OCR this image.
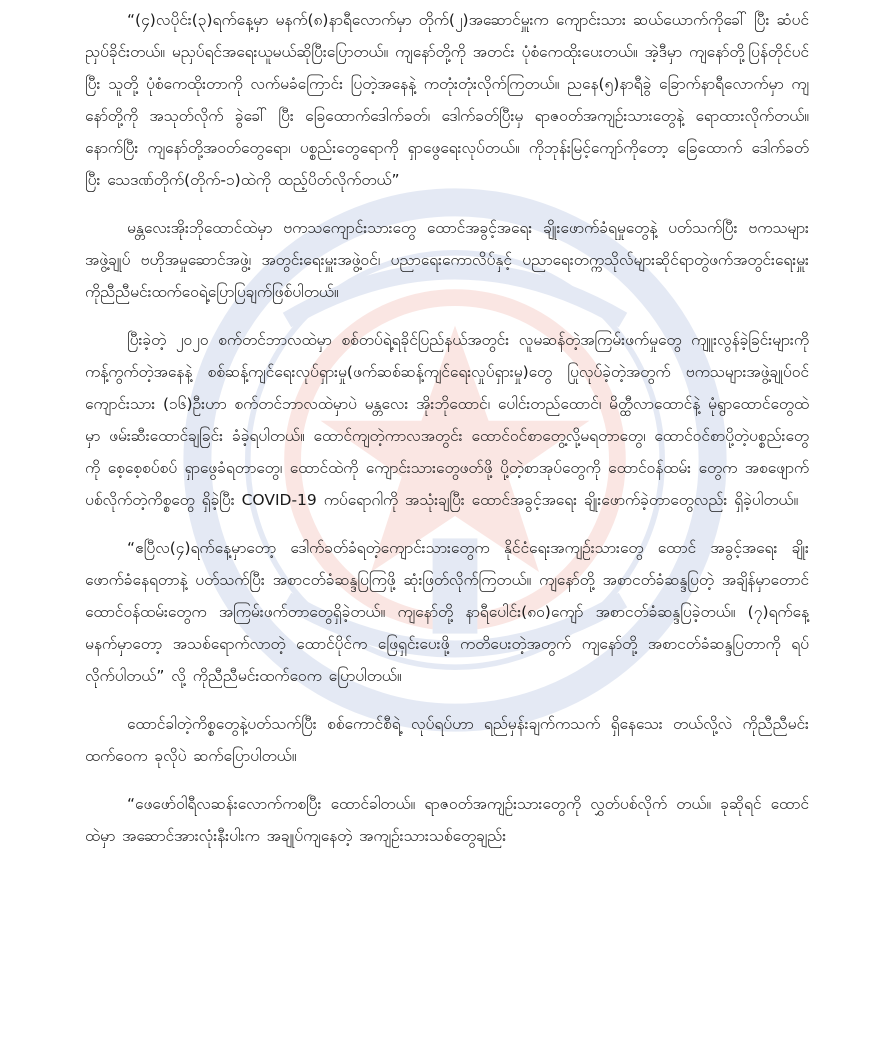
“(၄)လပိုင်း(၃)ရက်နေ့မှာ မနက်(၈)နာရီလောက်မှာ တိုက်(၂)အဆောင်မှူးက ကျောင်းသား ဆယ်ယောက်ကိုခေါ် ပြီး ဆံပင်ညှပ်ခိုင်းတယ်။ မညှပ်ရင်အရေးယူမယ်ဆိုပြီးပြောတယ်။ ကျနော်တို့ကို အတင်း ပုံစံကေထိုးပေးတယ်။ အဲ့ဒီမှာ ကျနော်တို့ပြန်တိုင်ပင်ပြီး သူတို့ ပုံစံကေထိုးတာကို လက်မခံကြောင်း ပြတဲ့အနေနဲ့ ကတုံးတုံးလိုက်ကြတယ်။ ညနေ(၅)နာရီခွဲ ခြောက်နာရီလောက်မှာ ကျနော်တို့ကို အသုတ်လိုက် ခွဲခေါ် ပြီး ခြေထောက်ဒေါက်ခတ်၊ ဒေါက်ခတ်ပြီးမှ ရာဇဝတ်အကျဉ်းသားတွေနဲ့ ရောထားလိုက်တယ်။ နောက်ပြီး ကျနော်တို့အဝတ်တွေရော၊ ပစ္စည်းတွေရောကို ရှာဖွေရေးလုပ်တယ်။ ကိုဘုန်းမြင့်ကျော်ကိုတော့ ခြေထောက် ဒေါက်ခတ်ပြီး သေဒဏ်တိုက်(တိုက်-၁)ထဲကို ထည့်ပိတ်လိုက်တယ်”

မန္တလေးအိုးဘိုထောင်ထဲမှာ ဗကသကျောင်းသားတွေ ထောင်အခွင့်အရေး ချိုးဖောက်ခံရမှုတွေနဲ့ ပတ်သက်ပြီး ဗကသများအဖွဲ့ချုပ် ဗဟိုအမှုဆောင်အဖွဲ့၊ အတွင်းရေးမှူးအဖွဲ့ဝင်၊ ပညာရေးကောလိပ်နှင့် ပညာရေးတက္ကသိုလ်များဆိုင်ရာတွဲဖက်အတွင်းရေးမှူး ကိုညီညီမင်းထက်ဝေရဲ့ပြောပြချက်ဖြစ်ပါတယ်။

ပြီးခဲ့တဲ့ ၂၀၂၀ စက်တင်ဘာလထဲမှာ စစ်တပ်ရဲ့ရခိုင်ပြည်နယ်အတွင်း လူမဆန်တဲ့အကြမ်းဖက်မှုတွေ ကျူးလွန်ခဲ့ခြင်းများကို ကန့်ကွက်တဲ့အနေနဲ့ စစ်ဆန့်ကျင်ရေးလုပ်ရှားမှု(ဖက်ဆစ်ဆန့်ကျင်ရေးလှုပ်ရှားမှု)တွေ ပြုလုပ်ခဲ့တဲ့အတွက် ဗကသများအဖွဲ့ချုပ်ဝင် ကျောင်းသား (၁၆)ဦးဟာ စက်တင်ဘာလထဲမှာပဲ မန္တလေး အိုးဘိုထောင်၊ ပေါင်းတည်ထောင်၊ မိတ္ထီလာထောင်နဲ့ မုံရွာထောင်တွေထဲမှာ ဖမ်းဆီးထောင်ချခြင်း ခံခဲ့ရပါတယ်။ ထောင်ကျတဲ့ကာလအတွင်း ထောင်ဝင်စာတွေ့လို့မရတာတွေ၊ ထောင်ဝင်စာပို့တဲ့ပစ္စည်းတွေကို စေ့စေ့စပ်စပ် ရှာဖွေခံရတာတွေ၊ ထောင်ထဲကို ကျောင်းသားတွေဖတ်ဖို့ ပို့တဲ့စာအုပ်တွေကို ထောင်ဝန်ထမ်း တွေက အစဖျောက်ပစ်လိုက်တဲ့ကိစ္စတွေ ရှိခဲ့ပြီး COVID-19 ကပ်ရောဂါကို အသုံးချပြီး ထောင်အခွင့်အရေး ချိုးဖောက်ခဲ့တာတွေလည်း ရှိခဲ့ပါတယ်။

“ဧပြီလ(၄)ရက်နေ့မှာတော့ ဒေါက်ခတ်ခံရတဲ့ကျောင်းသားတွေက နိုင်ငံရေးအကျဉ်းသားတွေ ထောင် အခွင့်အရေး ချိုးဖောက်ခံနေရတာနဲ့ ပတ်သက်ပြီး အစာငတ်ခံဆန္ဒပြကြဖို့ ဆုံးဖြတ်လိုက်ကြတယ်။ ကျနော်တို့ အစာငတ်ခံဆန္ဒပြတဲ့ အချိန်မှာတောင် ထောင်ဝန်ထမ်းတွေက အကြမ်းဖက်တာတွေရှိခဲ့တယ်။ ကျနော်တို့ နာရီပေါင်း(၈၀)ကျော် အစာငတ်ခံဆန္ဒပြခဲ့တယ်။ (၇)ရက်နေ့မနက်မှာတော့ အသစ်ရောက်လာတဲ့ ထောင်ပိုင်က ဖြေရှင်းပေးဖို့ ကတိပေးတဲ့အတွက် ကျနော်တို့ အစာငတ်ခံဆန္ဒပြတာကို ရပ်လိုက်ပါတယ်” လို့ ကိုညီညီမင်းထက်ဝေက ပြောပါတယ်။

ထောင်ခါတဲ့ကိစ္စတွေနဲ့ပတ်သက်ပြီး စစ်ကောင်စီရဲ့ လုပ်ရပ်ဟာ ရည်မှန်းချက်ကသက် ရှိနေသေး တယ်လို့လဲ ကိုညီညီမင်းထက်ဝေက ခုလိုပဲ ဆက်ပြောပါတယ်။

“ဖေဖော်ဝါရီလဆန်းလောက်ကစပြီး ထောင်ခါတယ်။ ရာဇဝတ်အကျဉ်းသားတွေကို လွှတ်ပစ်လိုက် တယ်။ ခုဆိုရင် ထောင်ထဲမှာ အဆောင်အားလုံးနီးပါးက အချုပ်ကျနေတဲ့ အကျဉ်းသားသစ်တွေချည်း
